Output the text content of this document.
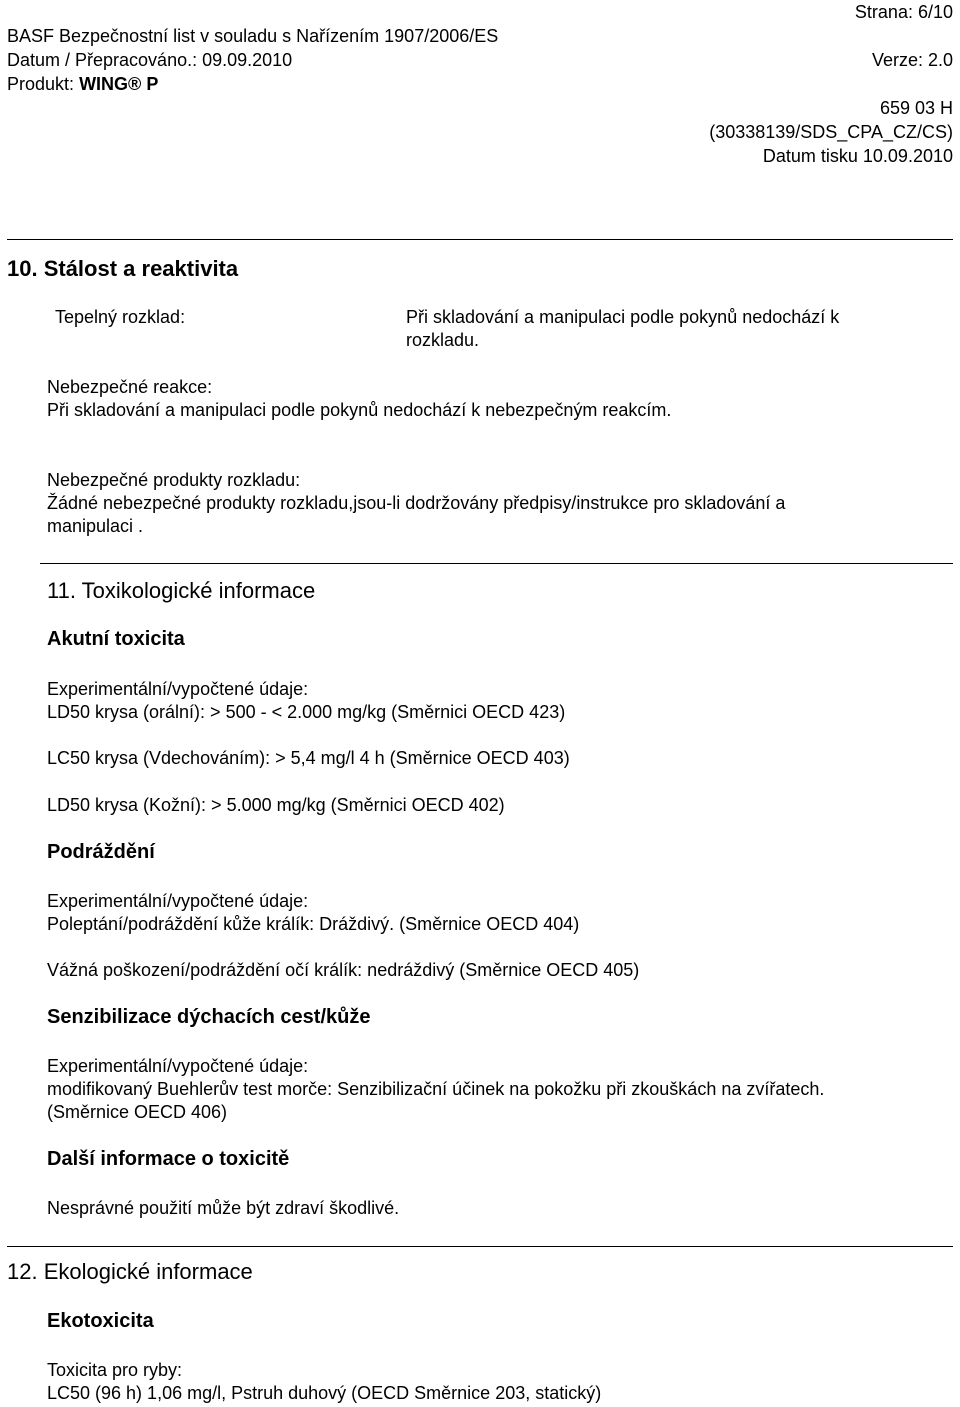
Strana: 6/10
BASF Bezpečnostní list v souladu s Nařízením 1907/2006/ES
Datum / Přepracováno.: 09.09.2010	Verze: 2.0
Produkt: WING® P
659 03 H
(30338139/SDS_CPA_CZ/CS)
Datum tisku 10.09.2010
10. Stálost a reaktivita
Tepelný rozklad:	Při skladování a manipulaci podle pokynů nedochází k
rozkladu.
Nebezpečné reakce:
Při skladování a manipulaci podle pokynů nedochází k nebezpečným reakcím.
Nebezpečné produkty rozkladu:
Žádné nebezpečné produkty rozkladu,jsou-li dodržovány předpisy/instrukce pro skladování a
manipulaci .
11. Toxikologické informace
Akutní toxicita
Experimentální/vypočtené údaje:
LD50 krysa (orální): > 500 - < 2.000 mg/kg (Směrnici OECD 423)
LC50 krysa (Vdechováním): > 5,4 mg/l 4 h (Směrnice OECD 403)
LD50 krysa (Kožní): > 5.000 mg/kg (Směrnici OECD 402)
Podráždění
Experimentální/vypočtené údaje:
Poleptání/podráždění kůže králík: Dráždivý. (Směrnice OECD 404)
Vážná poškození/podráždění očí králík: nedráždivý (Směrnice OECD 405)
Senzibilizace dýchacích cest/kůže
Experimentální/vypočtené údaje:
modifikovaný Buehlerův test morče: Senzibilizační účinek na pokožku při zkouškách na zvířatech.
(Směrnice OECD 406)
Další informace o toxicitě
Nesprávné použití může být zdraví škodlivé.
12. Ekologické informace
Ekotoxicita
Toxicita pro ryby:
LC50 (96 h) 1,06 mg/l, Pstruh duhový (OECD Směrnice 203, statický)
